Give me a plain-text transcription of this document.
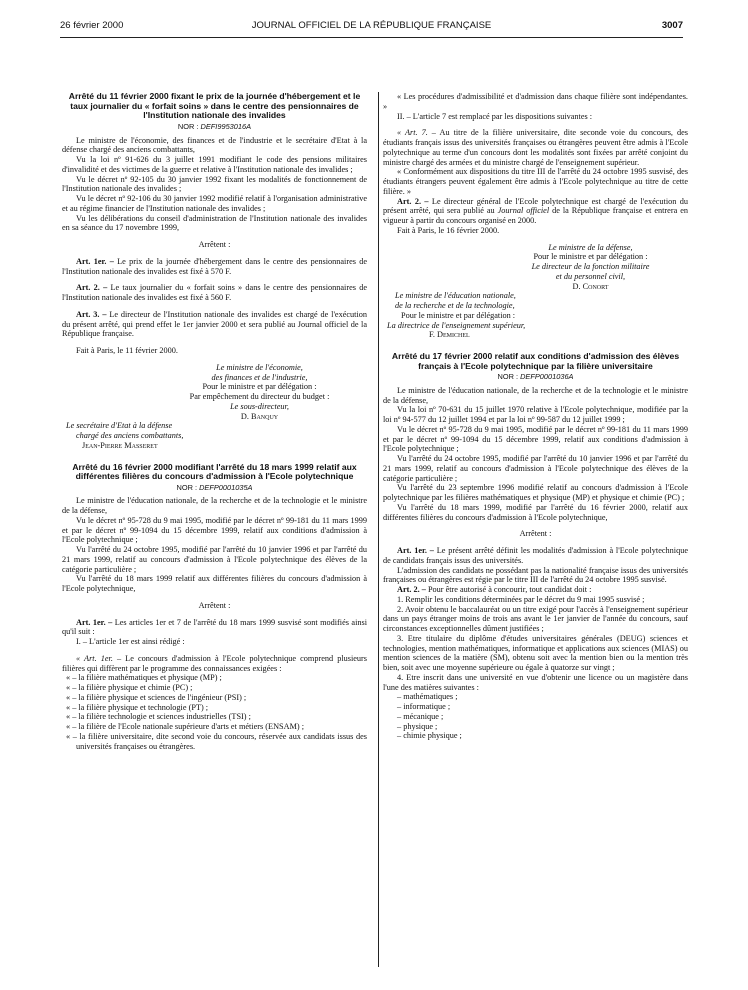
26 février 2000	JOURNAL OFFICIEL DE LA RÉPUBLIQUE FRANÇAISE	3007

Arrêté du 11 février 2000 fixant le prix de la journée d'hébergement et le taux journalier du « forfait soins » dans le centre des pensionnaires de l'Institution nationale des invalides

NOR : DEFI9953016A

Le ministre de l'économie, des finances et de l'industrie et le secrétaire d'Etat à la défense chargé des anciens combattants,

Vu la loi nº 91-626 du 3 juillet 1991 modifiant le code des pensions militaires d'invalidité et des victimes de la guerre et relative à l'Institution nationale des invalides ;

Vu le décret nº 92-105 du 30 janvier 1992 fixant les modalités de fonctionnement de l'Institution nationale des invalides ;

Vu le décret nº 92-106 du 30 janvier 1992 modifié relatif à l'organisation administrative et au régime financier de l'Institution nationale des invalides ;

Vu les délibérations du conseil d'administration de l'Institution nationale des invalides en sa séance du 17 novembre 1999,

Arrêtent :

Art. 1er. – Le prix de la journée d'hébergement dans le centre des pensionnaires de l'Institution nationale des invalides est fixé à 570 F.

Art. 2. – Le taux journalier du « forfait soins » dans le centre des pensionnaires de l'Institution nationale des invalides est fixé à 560 F.

Art. 3. – Le directeur de l'Institution nationale des invalides est chargé de l'exécution du présent arrêté, qui prend effet le 1er janvier 2000 et sera publié au Journal officiel de la République française.

Fait à Paris, le 11 février 2000.

Le ministre de l'économie,

des finances et de l'industrie,

Pour le ministre et par délégation :

Par empêchement du directeur du budget :

Le sous-directeur,

D. Banquy

Le secrétaire d'Etat à la défense

chargé des anciens combattants,

Jean-Pierre Masseret

Arrêté du 16 février 2000 modifiant l'arrêté du 18 mars 1999 relatif aux différentes filières du concours d'admission à l'Ecole polytechnique

NOR : DEFP0001035A

Le ministre de l'éducation nationale, de la recherche et de la technologie et le ministre de la défense,

Vu le décret nº 95-728 du 9 mai 1995, modifié par le décret nº 99-181 du 11 mars 1999 et par le décret nº 99-1094 du 15 décembre 1999, relatif aux conditions d'admission à l'Ecole polytechnique ;

Vu l'arrêté du 24 octobre 1995, modifié par l'arrêté du 10 janvier 1996 et par l'arrêté du 21 mars 1999, relatif au concours d'admission à l'Ecole polytechnique des élèves de la catégorie particulière ;

Vu l'arrêté du 18 mars 1999 relatif aux différentes filières du concours d'admission à l'Ecole polytechnique,

Arrêtent :

Art. 1er. – Les articles 1er et 7 de l'arrêté du 18 mars 1999 susvisé sont modifiés ainsi qu'il suit :

I. – L'article 1er est ainsi rédigé :

« Art. 1er. – Le concours d'admission à l'Ecole polytechnique comprend plusieurs filières qui diffèrent par le programme des connaissances exigées :

« – la filière mathématiques et physique (MP) ;

« – la filière physique et chimie (PC) ;

« – la filière physique et sciences de l'ingénieur (PSI) ;

« – la filière physique et technologie (PT) ;

« – la filière technologie et sciences industrielles (TSI) ;

« – la filière de l'Ecole nationale supérieure d'arts et métiers (ENSAM) ;

« – la filière universitaire, dite second voie du concours, réservée aux candidats issus des universités françaises ou étrangères.

« Les procédures d'admissibilité et d'admission dans chaque filière sont indépendantes. »

II. – L'article 7 est remplacé par les dispositions suivantes :

« Art. 7. – Au titre de la filière universitaire, dite seconde voie du concours, des étudiants français issus des universités françaises ou étrangères peuvent être admis à l'Ecole polytechnique au terme d'un concours dont les modalités sont fixées par arrêté conjoint du ministre chargé des armées et du ministre chargé de l'enseignement supérieur.

« Conformément aux dispositions du titre III de l'arrêté du 24 octobre 1995 susvisé, des étudiants étrangers peuvent également être admis à l'Ecole polytechnique au titre de cette filière. »

Art. 2. – Le directeur général de l'Ecole polytechnique est chargé de l'exécution du présent arrêté, qui sera publié au Journal officiel de la République française et entrera en vigueur à partir du concours organisé en 2000.

Fait à Paris, le 16 février 2000.

Le ministre de la défense,

Pour le ministre et par délégation :

Le directeur de la fonction militaire

et du personnel civil,

D. Conort

Le ministre de l'éducation nationale,

de la recherche et de la technologie,

Pour le ministre et par délégation :

La directrice de l'enseignement supérieur,

F. Demichel

Arrêté du 17 février 2000 relatif aux conditions d'admission des élèves français à l'Ecole polytechnique par la filière universitaire

NOR : DEFP0001036A

Le ministre de l'éducation nationale, de la recherche et de la technologie et le ministre de la défense,

Vu la loi nº 70-631 du 15 juillet 1970 relative à l'Ecole polytechnique, modifiée par la loi nº 94-577 du 12 juillet 1994 et par la loi nº 99-587 du 12 juillet 1999 ;

Vu le décret nº 95-728 du 9 mai 1995, modifié par le décret nº 99-181 du 11 mars 1999 et par le décret nº 99-1094 du 15 décembre 1999, relatif aux conditions d'admission à l'Ecole polytechnique ;

Vu l'arrêté du 24 octobre 1995, modifié par l'arrêté du 10 janvier 1996 et par l'arrêté du 21 mars 1999, relatif au concours d'admission à l'Ecole polytechnique des élèves de la catégorie particulière ;

Vu l'arrêté du 23 septembre 1996 modifié relatif au concours d'admission à l'Ecole polytechnique par les filières mathématiques et physique (MP) et physique et chimie (PC) ;

Vu l'arrêté du 18 mars 1999, modifié par l'arrêté du 16 février 2000, relatif aux différentes filières du concours d'admission à l'Ecole polytechnique,

Arrêtent :

Art. 1er. – Le présent arrêté définit les modalités d'admission à l'Ecole polytechnique de candidats français issus des universités.

L'admission des candidats ne possédant pas la nationalité française issus des universités françaises ou étrangères est régie par le titre III de l'arrêté du 24 octobre 1995 susvisé.

Art. 2. – Pour être autorisé à concourir, tout candidat doit :

1. Remplir les conditions déterminées par le décret du 9 mai 1995 susvisé ;

2. Avoir obtenu le baccalauréat ou un titre exigé pour l'accès à l'enseignement supérieur dans un pays étranger moins de trois ans avant le 1er janvier de l'année du concours, sauf circonstances exceptionnelles dûment justifiées ;

3. Etre titulaire du diplôme d'études universitaires générales (DEUG) sciences et technologies, mention mathématiques, informatique et applications aux sciences (MIAS) ou mention sciences de la matière (SM), obtenu soit avec la mention bien ou la mention très bien, soit avec une moyenne supérieure ou égale à quatorze sur vingt ;

4. Etre inscrit dans une université en vue d'obtenir une licence ou un magistère dans l'une des matières suivantes :

– mathématiques ;

– informatique ;

– mécanique ;

– physique ;

– chimie physique ;
